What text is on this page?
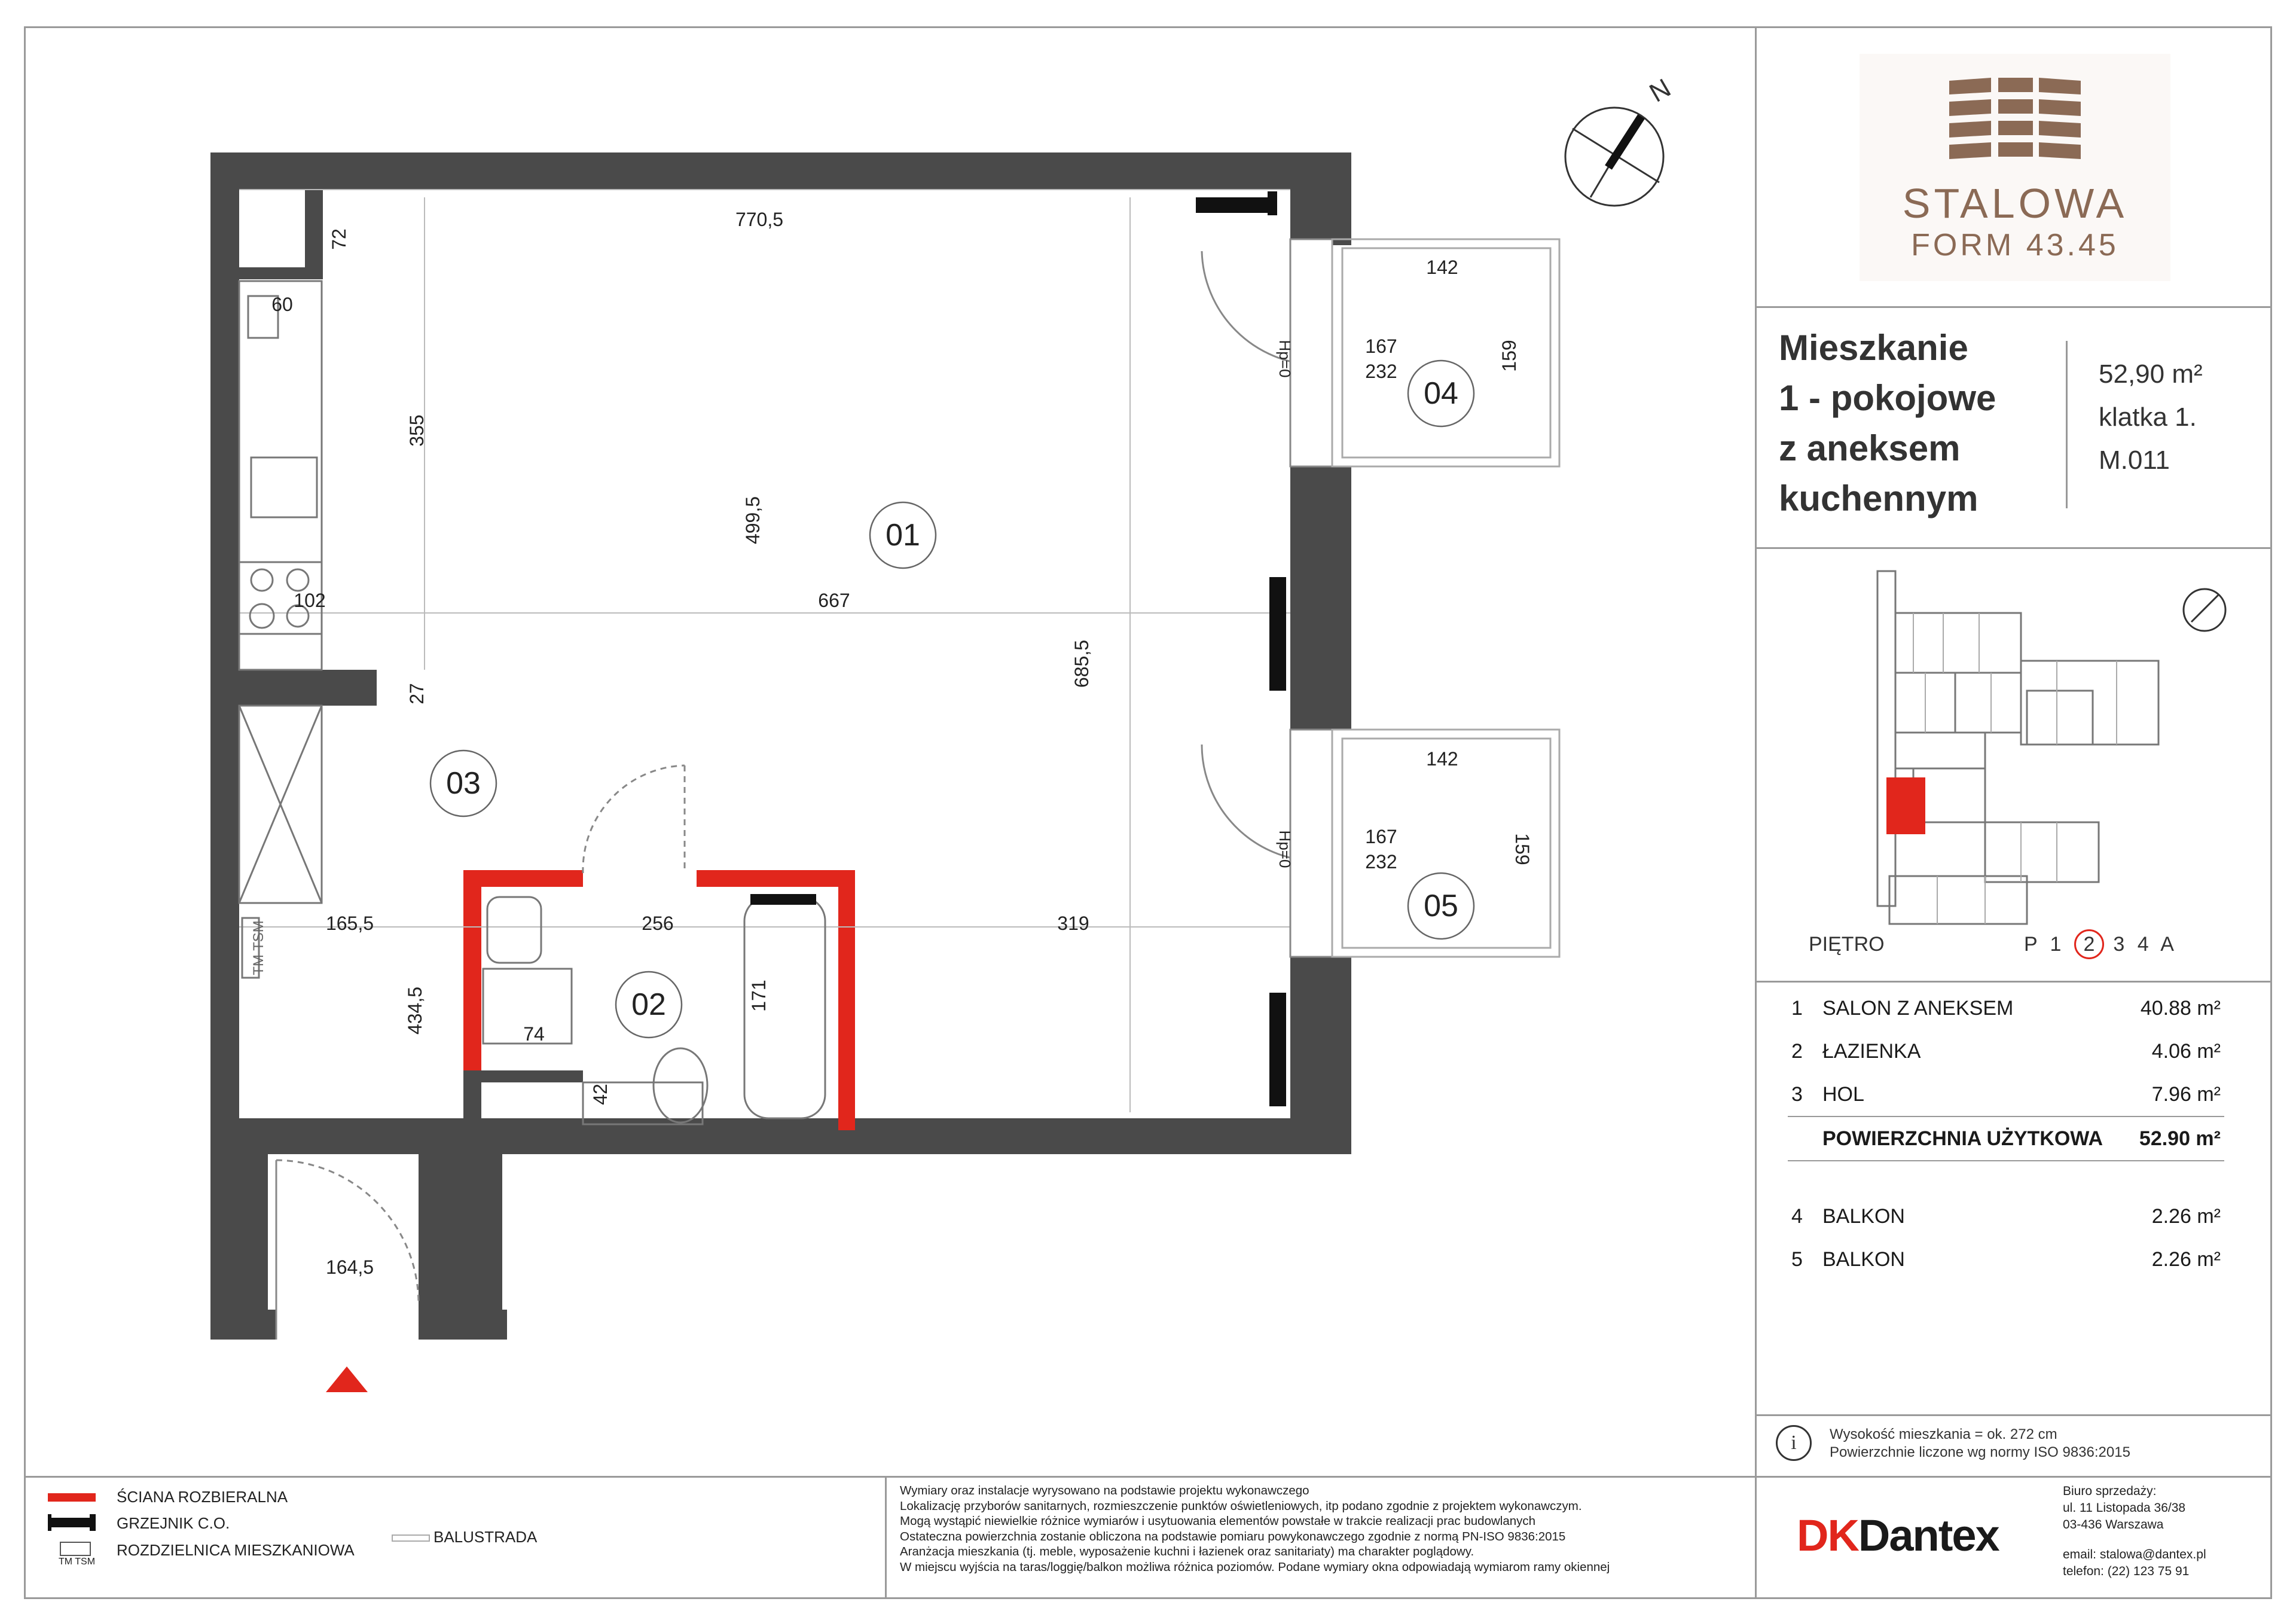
N
01
02
03
04
05
770,5
72
60
355
499,5
102	667
685,5
27
165,5	256	319
171
434,5	74
42
164,5
142
167
232	159
142
167
232	159
Hp=0
Hp=0
TM TSM
STALOWA
FORM 43.45
Mieszkanie
1 - pokojowe
z aneksem
kuchennym
52,90 m²
klatka 1.
M.011
PIĘTRO	P 1 2 3 4 A
1	SALON Z ANEKSEM	40.88 m²
2	ŁAZIENKA	4.06 m²
3	HOL	7.96 m²
	POWIERZCHNIA UŻYTKOWA	52.90 m²

4	BALKON	2.26 m²
5	BALKON	2.26 m²
i	Wysokość mieszkania = ok. 272 cm
Powierzchnie liczone wg normy ISO 9836:2015
ŚCIANA ROZBIERALNA
GRZEJNIK C.O.
TM TSM
ROZDZIELNICA MIESZKANIOWA
BALUSTRADA
Wymiary oraz instalacje wyrysowano na podstawie projektu wykonawczego
Lokalizację przyborów sanitarnych, rozmieszczenie punktów oświetleniowych, itp podano zgodnie z projektem wykonawczym.
Mogą wystąpić niewielkie różnice wymiarów i usytuowania elementów powstałe w trakcie realizacji prac budowlanych
Ostateczna powierzchnia zostanie obliczona na podstawie pomiaru powykonawczego zgodnie z normą PN-ISO 9836:2015
Aranżacja mieszkania (tj. meble, wyposażenie kuchni i łazienek oraz sanitariaty) ma charakter poglądowy.
W miejscu wyjścia na taras/loggię/balkon możliwa różnica poziomów. Podane wymiary okna odpowiadają wymiarom ramy okiennej
DKDantex
Biuro sprzedaży:
ul. 11 Listopada 36/38
03-436 Warszawa
email: stalowa@dantex.pl
telefon: (22) 123 75 91
